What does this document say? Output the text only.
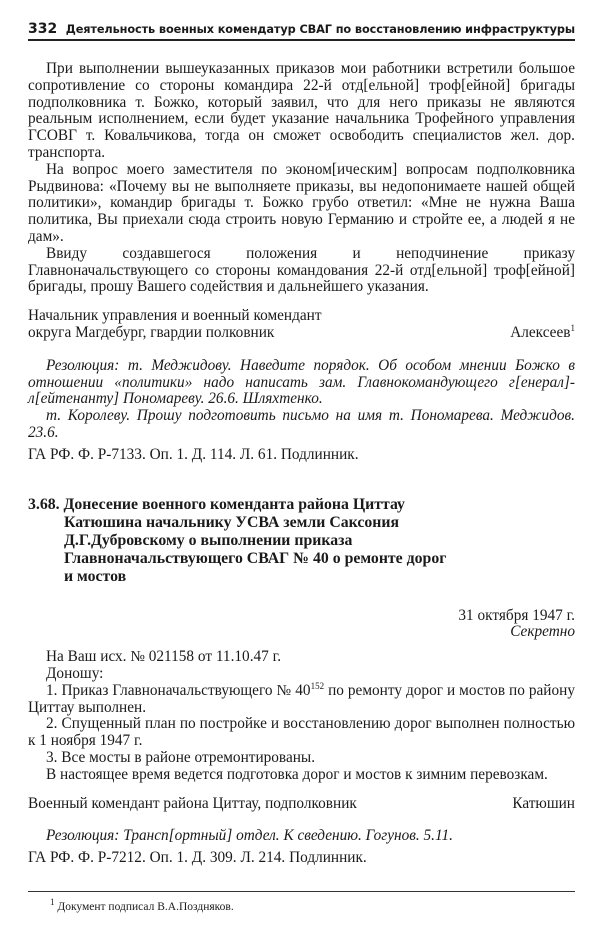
332 Деятельность военных комендатур СВАГ по восстановлению инфраструктуры

При выполнении вышеуказанных приказов мои работники встретили большое сопротивление со стороны командира 22-й отд[ельной] троф[ейной] бригады подполковника т. Божко, который заявил, что для него приказы не являются реальным исполнением, если будет указание начальника Трофейного управления ГСОВГ т. Ковальчикова, тогда он сможет освободить специалистов жел. дор. транспорта.

На вопрос моего заместителя по эконом[ическим] вопросам подполковника Рыдвинова: «Почему вы не выполняете приказы, вы недопонимаете нашей общей политики», командир бригады т. Божко грубо ответил: «Мне не нужна Ваша политика, Вы приехали сюда строить новую Германию и стройте ее, а людей я не дам».

Ввиду создавшегося положения и неподчинение приказу Главноначальствующего со стороны командования 22-й отд[ельной] троф[ейной] бригады, прошу Вашего содействия и дальнейшего указания.

Начальник управления и военный комендант
округа Магдебург, гвардии полковник	Алексеев$^1$

Резолюция: т. Меджидову. Наведите порядок. Об особом мнении Божко в отношении «политики» надо написать зам. Главнокомандующего г[енерал]-л[ейтенанту] Пономареву. 26.6. Шляхтенко.

т. Королеву. Прошу подготовить письмо на имя т. Пономарева. Меджидов. 23.6.

ГА РФ. Ф. Р-7133. Оп. 1. Д. 114. Л. 61. Подлинник.

3.68. Донесение военного коменданта района Циттау Катюшина начальнику УСВА земли Саксония Д.Г.Дубровскому о выполнении приказа Главноначальствующего СВАГ № 40 о ремонте дорог и мостов

31 октября 1947 г.
Секретно

На Ваш исх. № 021158 от 11.10.47 г.

Доношу:

1. Приказ Главноначальствующего № $40^{152}$ по ремонту дорог и мостов по району Циттау выполнен.

2. Спущенный план по постройке и восстановлению дорог выполнен полностью к 1 ноября 1947 г.

3. Все мосты в районе отремонтированы.

В настоящее время ведется подготовка дорог и мостов к зимним перевозкам.

Военный комендант района Циттау, подполковник	Катюшин

Резолюция: Трансп[ортный] отдел. К сведению. Гогунов. 5.11.

ГА РФ. Ф. Р-7212. Оп. 1. Д. 309. Л. 214. Подлинник.

$^1$ Документ подписал В.А.Поздняков.
